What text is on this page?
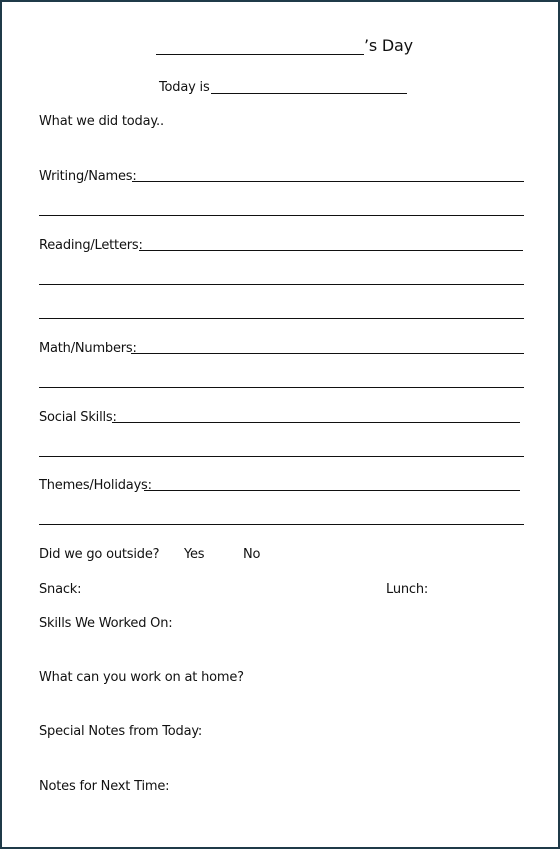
’s Day
Today is
What we did today..
Writing/Names:
Reading/Letters:
Math/Numbers:
Social Skills:
Themes/Holidays:
Did we go outside? Yes	No
Snack:	Lunch:
Skills We Worked On:
What can you work on at home?
Special Notes from Today:
Notes for Next Time:
